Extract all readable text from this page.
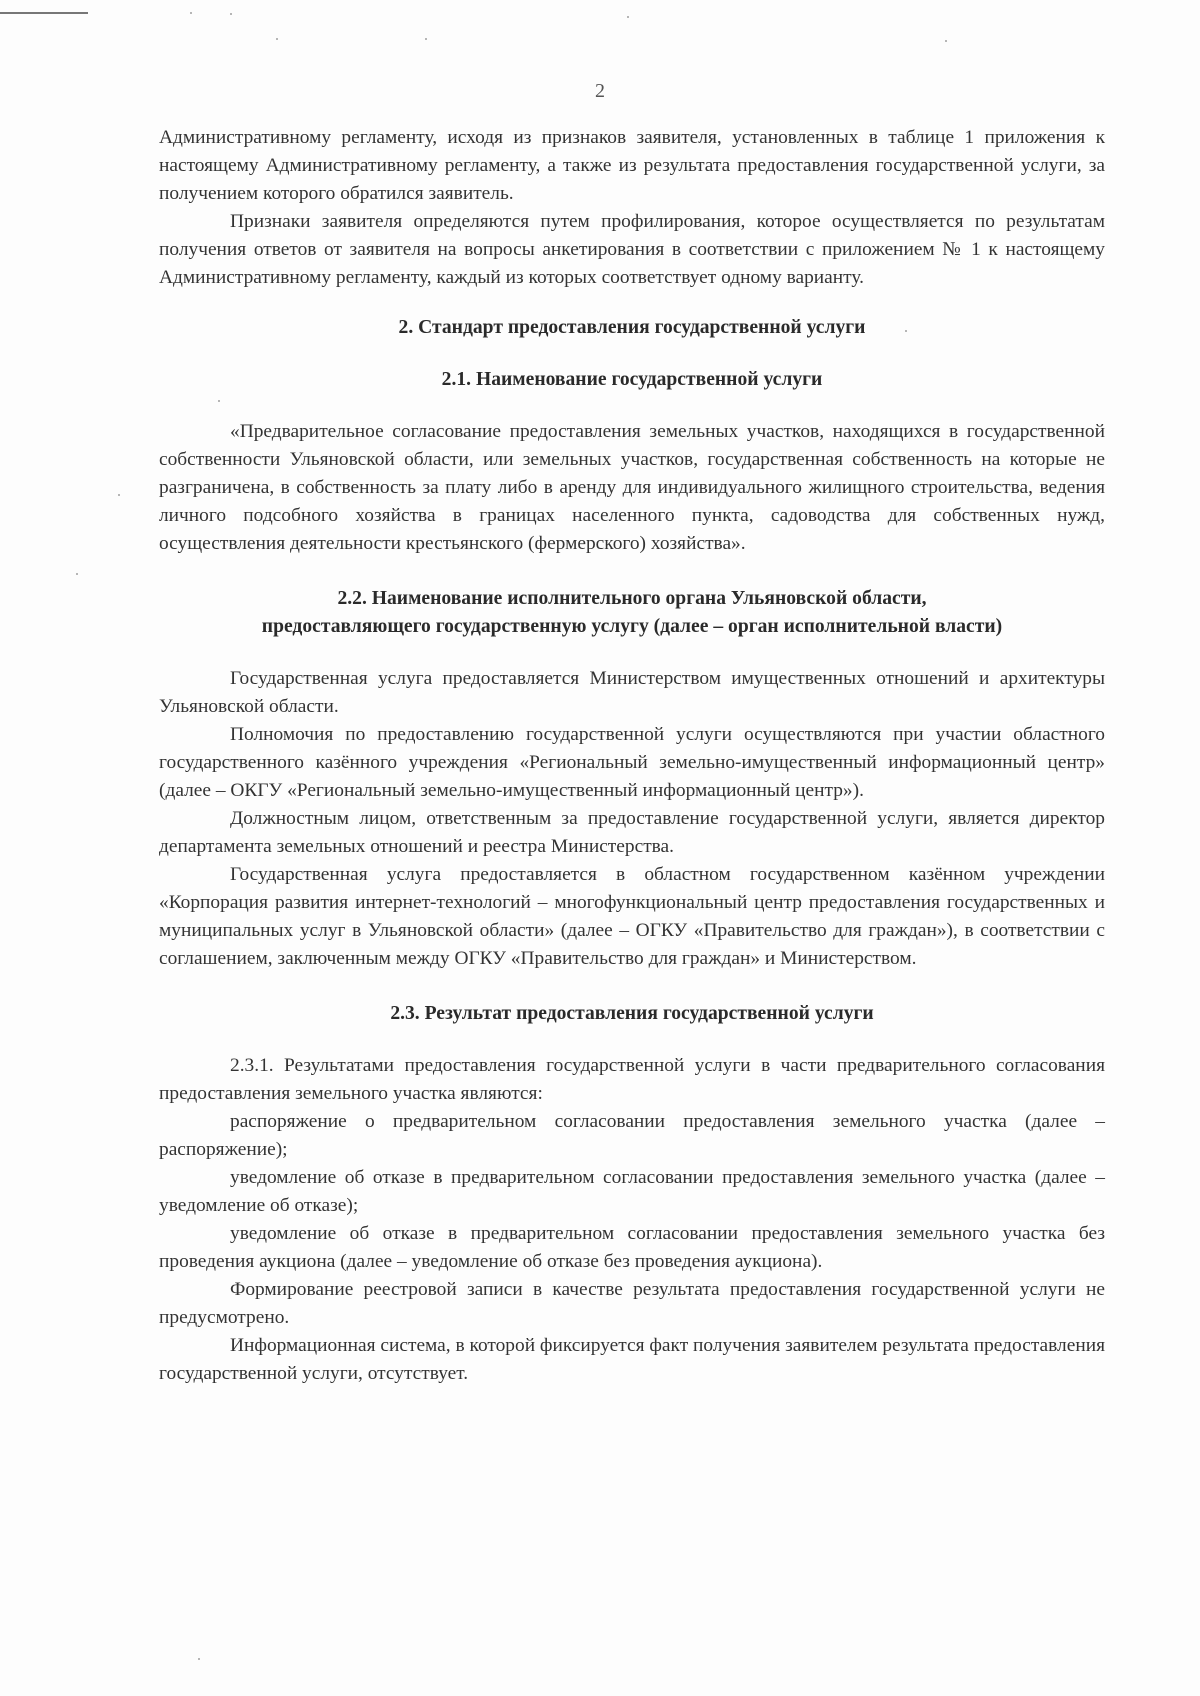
2

Административному регламенту, исходя из признаков заявителя, установленных в таблице 1 приложения к настоящему Административному регламенту, а также из результата предоставления государственной услуги, за получением которого обратился заявитель.

Признаки заявителя определяются путем профилирования, которое осуществляется по результатам получения ответов от заявителя на вопросы анкетирования в соответствии с приложением № 1 к настоящему Административному регламенту, каждый из которых соответствует одному варианту.

2. Стандарт предоставления государственной услуги

2.1. Наименование государственной услуги

«Предварительное согласование предоставления земельных участков, находящихся в государственной собственности Ульяновской области, или земельных участков, государственная собственность на которые не разграничена, в собственность за плату либо в аренду для индивидуального жилищного строительства, ведения личного подсобного хозяйства в границах населенного пункта, садоводства для собственных нужд, осуществления деятельности крестьянского (фермерского) хозяйства».

2.2. Наименование исполнительного органа Ульяновской области,

предоставляющего государственную услугу (далее – орган исполнительной власти)

Государственная услуга предоставляется Министерством имущественных отношений и архитектуры Ульяновской области.

Полномочия по предоставлению государственной услуги осуществляются при участии областного государственного казённого учреждения «Региональный земельно-имущественный информационный центр» (далее – ОКГУ «Региональный земельно-имущественный информационный центр»).

Должностным лицом, ответственным за предоставление государственной услуги, является директор департамента земельных отношений и реестра Министерства.

Государственная услуга предоставляется в областном государственном казённом учреждении «Корпорация развития интернет-технологий – многофункциональный центр предоставления государственных и муниципальных услуг в Ульяновской области» (далее – ОГКУ «Правительство для граждан»), в соответствии с соглашением, заключенным между ОГКУ «Правительство для граждан» и Министерством.

2.3. Результат предоставления государственной услуги

2.3.1. Результатами предоставления государственной услуги в части предварительного согласования предоставления земельного участка являются:

распоряжение о предварительном согласовании предоставления земельного участка (далее – распоряжение);

уведомление об отказе в предварительном согласовании предоставления земельного участка (далее – уведомление об отказе);

уведомление об отказе в предварительном согласовании предоставления земельного участка без проведения аукциона (далее – уведомление об отказе без проведения аукциона).

Формирование реестровой записи в качестве результата предоставления государственной услуги не предусмотрено.

Информационная система, в которой фиксируется факт получения заявителем результата предоставления государственной услуги, отсутствует.
